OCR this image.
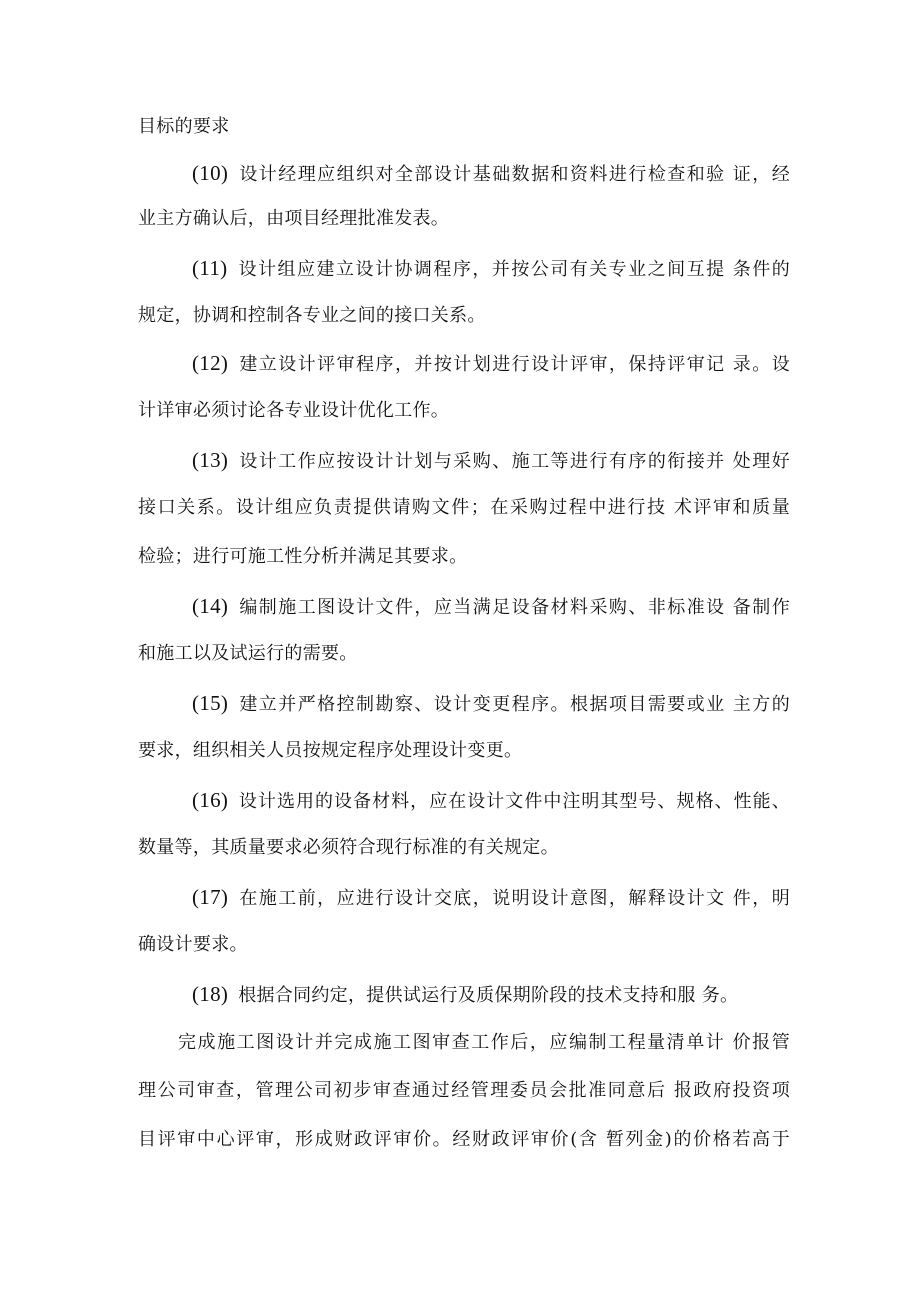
目标的要求
(10) 设计经理应组织对全部设计基础数据和资料进行检查和验 证，经
业主方确认后，由项目经理批准发表。
(11) 设计组应建立设计协调程序，并按公司有关专业之间互提 条件的
规定，协调和控制各专业之间的接口关系。
(12) 建立设计评审程序，并按计划进行设计评审，保持评审记 录。设
计详审必须讨论各专业设计优化工作。
(13) 设计工作应按设计计划与采购、施工等进行有序的衔接并 处理好
接口关系。设计组应负责提供请购文件；在采购过程中进行技 术评审和质量
检验；进行可施工性分析并满足其要求。
(14) 编制施工图设计文件，应当满足设备材料采购、非标准设 备制作
和施工以及试运行的需要。
(15) 建立并严格控制勘察、设计变更程序。根据项目需要或业 主方的
要求，组织相关人员按规定程序处理设计变更。
(16) 设计选用的设备材料，应在设计文件中注明其型号、规格、性能、
数量等，其质量要求必须符合现行标准的有关规定。
(17) 在施工前，应进行设计交底，说明设计意图，解释设计文 件，明
确设计要求。
(18) 根据合同约定，提供试运行及质保期阶段的技术支持和服 务。
完成施工图设计并完成施工图审查工作后，应编制工程量清单计 价报管
理公司审查，管理公司初步审查通过经管理委员会批准同意后 报政府投资项
目评审中心评审，形成财政评审价。经财政评审价(含 暂列金)的价格若高于
